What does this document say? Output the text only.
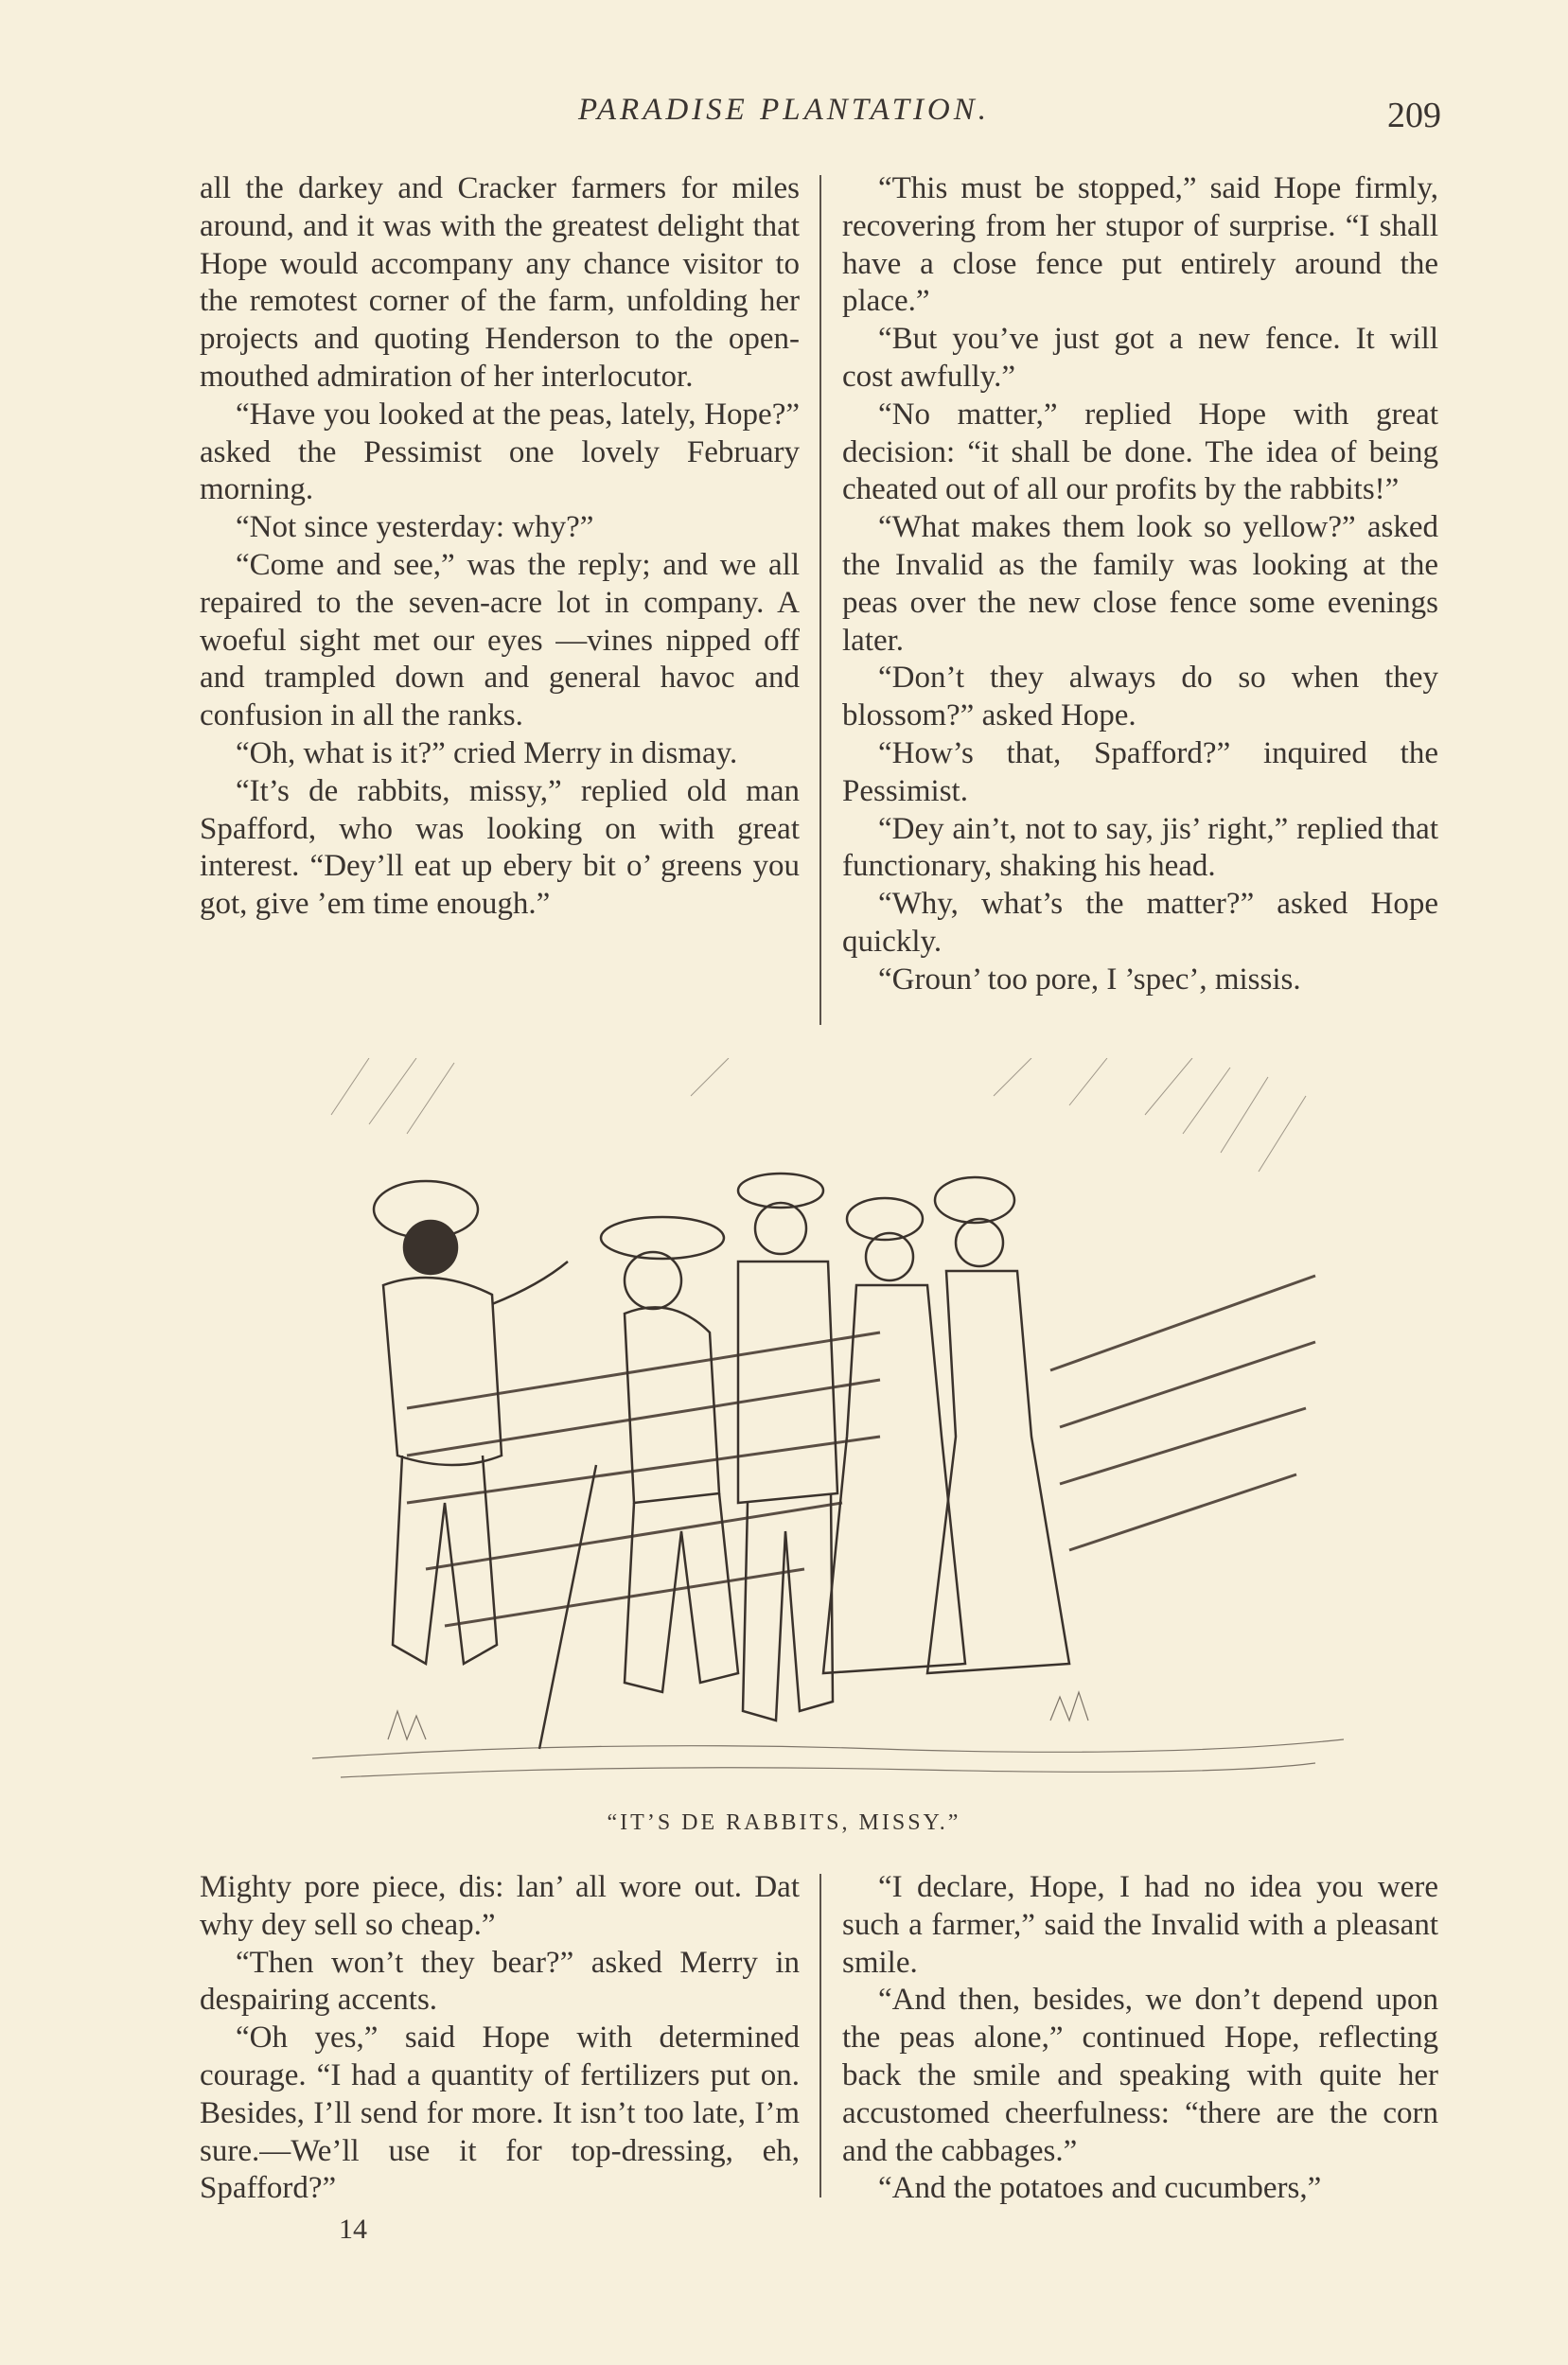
PARADISE PLANTATION.	209

all the darkey and Cracker farmers for miles around, and it was with the greatest delight that Hope would accompany any chance visitor to the remotest corner of the farm, unfolding her projects and quoting Henderson to the open-mouthed admiration of her interlocutor.

“Have you looked at the peas, lately, Hope?” asked the Pessimist one lovely February morning.

“Not since yesterday: why?”

“Come and see,” was the reply; and we all repaired to the seven-acre lot in company. A woeful sight met our eyes —vines nipped off and trampled down and general havoc and confusion in all the ranks.

“Oh, what is it?” cried Merry in dismay.

“It’s de rabbits, missy,” replied old man Spafford, who was looking on with great interest. “Dey’ll eat up ebery bit o’ greens you got, give ’em time enough.”

“This must be stopped,” said Hope firmly, recovering from her stupor of surprise. “I shall have a close fence put entirely around the place.”

“But you’ve just got a new fence. It will cost awfully.”

“No matter,” replied Hope with great decision: “it shall be done. The idea of being cheated out of all our profits by the rabbits!”

“What makes them look so yellow?” asked the Invalid as the family was looking at the peas over the new close fence some evenings later.

“Don’t they always do so when they blossom?” asked Hope.

“How’s that, Spafford?” inquired the Pessimist.

“Dey ain’t, not to say, jis’ right,” replied that functionary, shaking his head.

“Why, what’s the matter?” asked Hope quickly.

“Groun’ too pore, I ’spec’, missis.

“IT’S DE RABBITS, MISSY.”

Mighty pore piece, dis: lan’ all wore out. Dat why dey sell so cheap.”

“Then won’t they bear?” asked Merry in despairing accents.

“Oh yes,” said Hope with determined courage. “I had a quantity of fertilizers put on. Besides, I’ll send for more. It isn’t too late, I’m sure.—We’ll use it for top-dressing, eh, Spafford?”

“I declare, Hope, I had no idea you were such a farmer,” said the Invalid with a pleasant smile.

“And then, besides, we don’t depend upon the peas alone,” continued Hope, reflecting back the smile and speaking with quite her accustomed cheerfulness: “there are the corn and the cabbages.”

“And the potatoes and cucumbers,”

14
